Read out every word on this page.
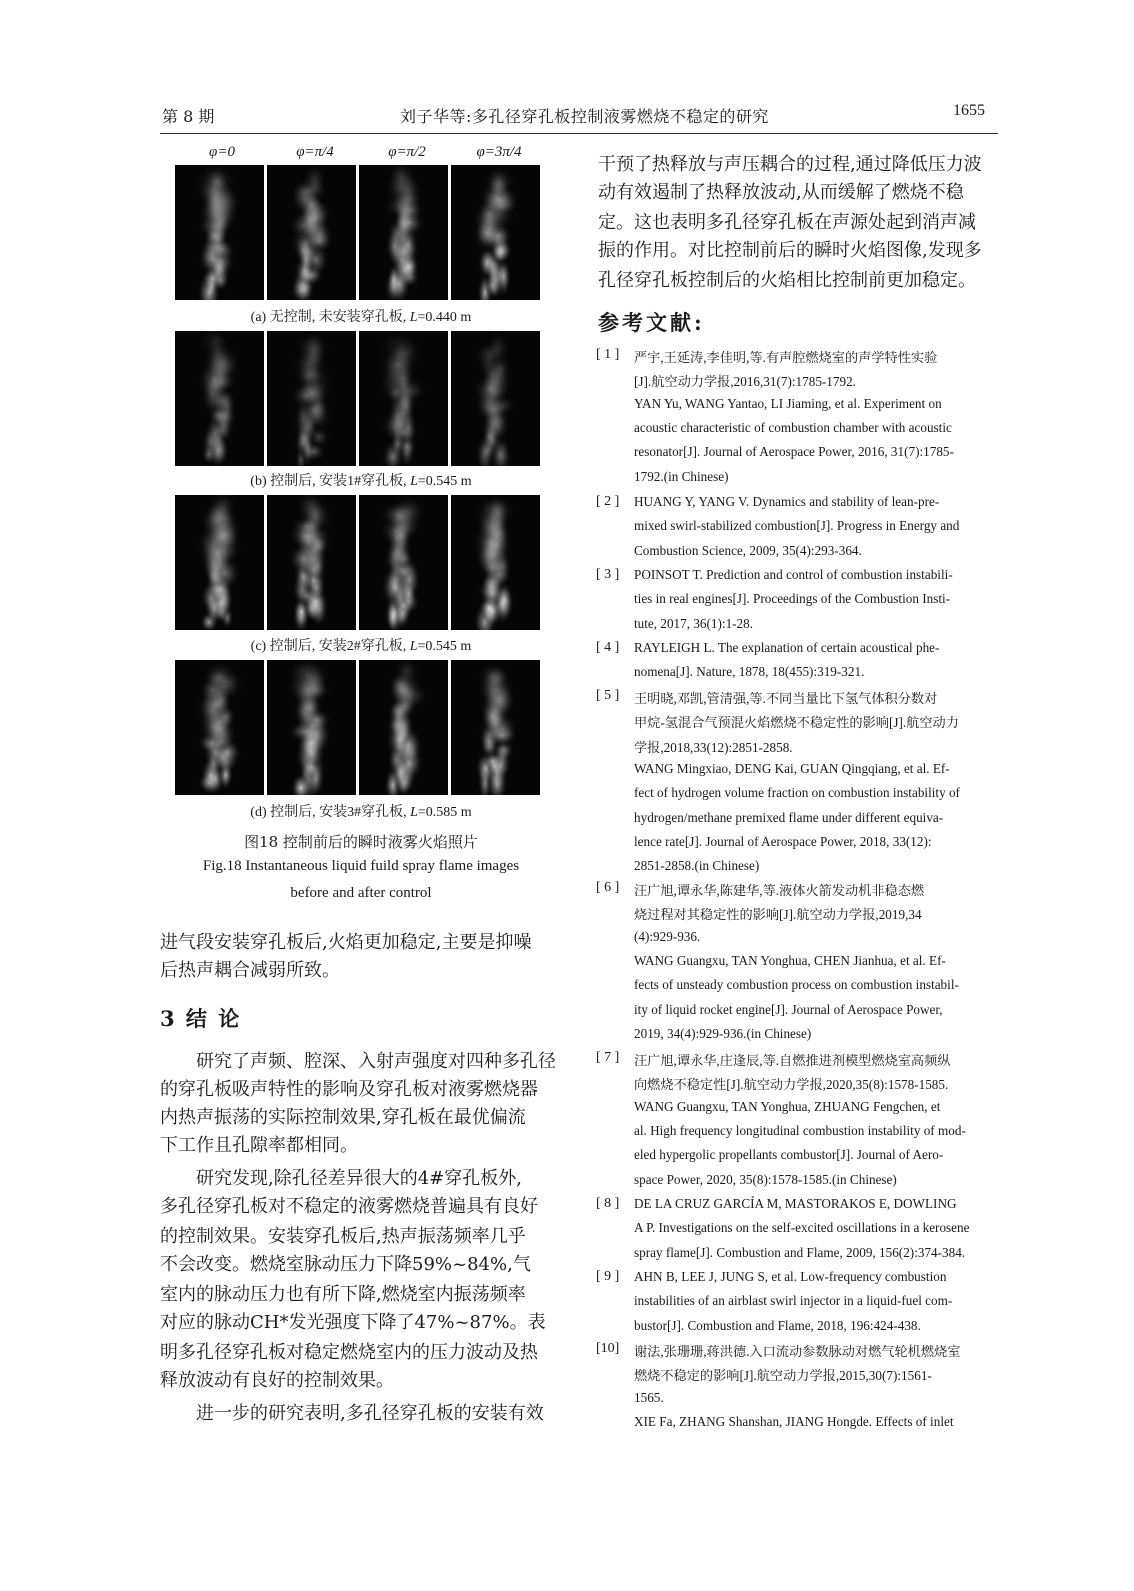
第 8 期	刘子华等:多孔径穿孔板控制液雾燃烧不稳定的研究	1655
φ=0	φ=π/4	φ=π/2	φ=3π/4
(a) 无控制, 未安装穿孔板, L=0.440 m
(b) 控制后, 安装1#穿孔板, L=0.545 m
(c) 控制后, 安装2#穿孔板, L=0.545 m
(d) 控制后, 安装3#穿孔板, L=0.585 m
图18 控制前后的瞬时液雾火焰照片
Fig.18 Instantaneous liquid fuild spray flame images
before and after control
进气段安装穿孔板后,火焰更加稳定,主要是抑噪
后热声耦合减弱所致。
3 结 论
　　研究了声频、腔深、入射声强度对四种多孔径
的穿孔板吸声特性的影响及穿孔板对液雾燃烧器
内热声振荡的实际控制效果,穿孔板在最优偏流
下工作且孔隙率都相同。
　　研究发现,除孔径差异很大的4#穿孔板外,
多孔径穿孔板对不稳定的液雾燃烧普遍具有良好
的控制效果。安装穿孔板后,热声振荡频率几乎
不会改变。燃烧室脉动压力下降59%~84%,气
室内的脉动压力也有所下降,燃烧室内振荡频率
对应的脉动CH*发光强度下降了47%~87%。表
明多孔径穿孔板对稳定燃烧室内的压力波动及热
释放波动有良好的控制效果。
　　进一步的研究表明,多孔径穿孔板的安装有效
干预了热释放与声压耦合的过程,通过降低压力波
动有效遏制了热释放波动,从而缓解了燃烧不稳
定。这也表明多孔径穿孔板在声源处起到消声减
振的作用。对比控制前后的瞬时火焰图像,发现多
孔径穿孔板控制后的火焰相比控制前更加稳定。
参考文献:
[ 1 ] 严宇,王延涛,李佳明,等.有声腔燃烧室的声学特性实验
[J].航空动力学报,2016,31(7):1785-1792.
YAN Yu, WANG Yantao, LI Jiaming, et al. Experiment on
acoustic characteristic of combustion chamber with acoustic
resonator[J]. Journal of Aerospace Power, 2016, 31(7):1785-
1792.(in Chinese)
[ 2 ] HUANG Y, YANG V. Dynamics and stability of lean-pre-
mixed swirl-stabilized combustion[J]. Progress in Energy and
Combustion Science, 2009, 35(4):293-364.
[ 3 ] POINSOT T. Prediction and control of combustion instabili-
ties in real engines[J]. Proceedings of the Combustion Insti-
tute, 2017, 36(1):1-28.
[ 4 ] RAYLEIGH L. The explanation of certain acoustical phe-
nomena[J]. Nature, 1878, 18(455):319-321.
[ 5 ] 王明晓,邓凯,管清强,等.不同当量比下氢气体积分数对
甲烷-氢混合气预混火焰燃烧不稳定性的影响[J].航空动力
学报,2018,33(12):2851-2858.
WANG Mingxiao, DENG Kai, GUAN Qingqiang, et al. Ef-
fect of hydrogen volume fraction on combustion instability of
hydrogen/methane premixed flame under different equiva-
lence rate[J]. Journal of Aerospace Power, 2018, 33(12):
2851-2858.(in Chinese)
[ 6 ] 汪广旭,谭永华,陈建华,等.液体火箭发动机非稳态燃
烧过程对其稳定性的影响[J].航空动力学报,2019,34
(4):929-936.
WANG Guangxu, TAN Yonghua, CHEN Jianhua, et al. Ef-
fects of unsteady combustion process on combustion instabil-
ity of liquid rocket engine[J]. Journal of Aerospace Power,
2019, 34(4):929-936.(in Chinese)
[ 7 ] 汪广旭,谭永华,庄逢辰,等.自燃推进剂模型燃烧室高频纵
向燃烧不稳定性[J].航空动力学报,2020,35(8):1578-1585.
WANG Guangxu, TAN Yonghua, ZHUANG Fengchen, et
al. High frequency longitudinal combustion instability of mod-
eled hypergolic propellants combustor[J]. Journal of Aero-
space Power, 2020, 35(8):1578-1585.(in Chinese)
[ 8 ] DE LA CRUZ GARCÍA M, MASTORAKOS E, DOWLING
A P. Investigations on the self-excited oscillations in a kerosene
spray flame[J]. Combustion and Flame, 2009, 156(2):374-384.
[ 9 ] AHN B, LEE J, JUNG S, et al. Low-frequency combustion
instabilities of an airblast swirl injector in a liquid-fuel com-
bustor[J]. Combustion and Flame, 2018, 196:424-438.
[10] 谢法,张珊珊,蒋洪德.入口流动参数脉动对燃气轮机燃烧室
燃烧不稳定的影响[J].航空动力学报,2015,30(7):1561-
1565.
XIE Fa, ZHANG Shanshan, JIANG Hongde. Effects of inlet
